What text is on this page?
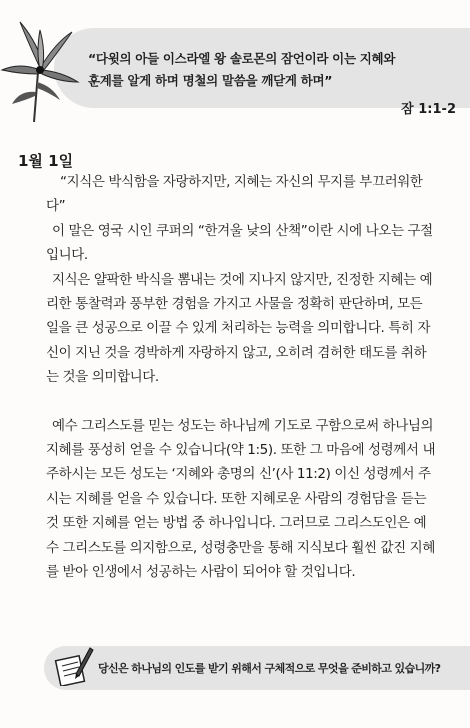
“다윗의 아들 이스라엘 왕 솔로몬의 잠언이라 이는 지혜와
훈계를 알게 하며 명철의 말씀을 깨닫게 하며”
잠 1:1-2
1월 1일

“지식은 박식함을 자랑하지만, 지혜는 자신의 무지를 부끄러워한다”

이 말은 영국 시인 쿠퍼의 “한겨울 낮의 산책”이란 시에 나오는 구절입니다.

지식은 얄팍한 박식을 뽐내는 것에 지나지 않지만, 진정한 지혜는 예리한 통찰력과 풍부한 경험을 가지고 사물을 정확히 판단하며, 모든 일을 큰 성공으로 이끌 수 있게 처리하는 능력을 의미합니다. 특히 자신이 지닌 것을 경박하게 자랑하지 않고, 오히려 겸허한 태도를 취하는 것을 의미합니다.

예수 그리스도를 믿는 성도는 하나님께 기도로 구함으로써 하나님의 지혜를 풍성히 얻을 수 있습니다(약 1:5). 또한 그 마음에 성령께서 내주하시는 모든 성도는 ‘지혜와 총명의 신’(사 11:2) 이신 성령께서 주시는 지혜를 얻을 수 있습니다. 또한 지혜로운 사람의 경험담을 듣는 것 또한 지혜를 얻는 방법 중 하나입니다. 그러므로 그리스도인은 예수 그리스도를 의지함으로, 성령충만을 통해 지식보다 훨씬 값진 지혜를 받아 인생에서 성공하는 사람이 되어야 할 것입니다.

당신은 하나님의 인도를 받기 위해서 구체적으로 무엇을 준비하고 있습니까?
